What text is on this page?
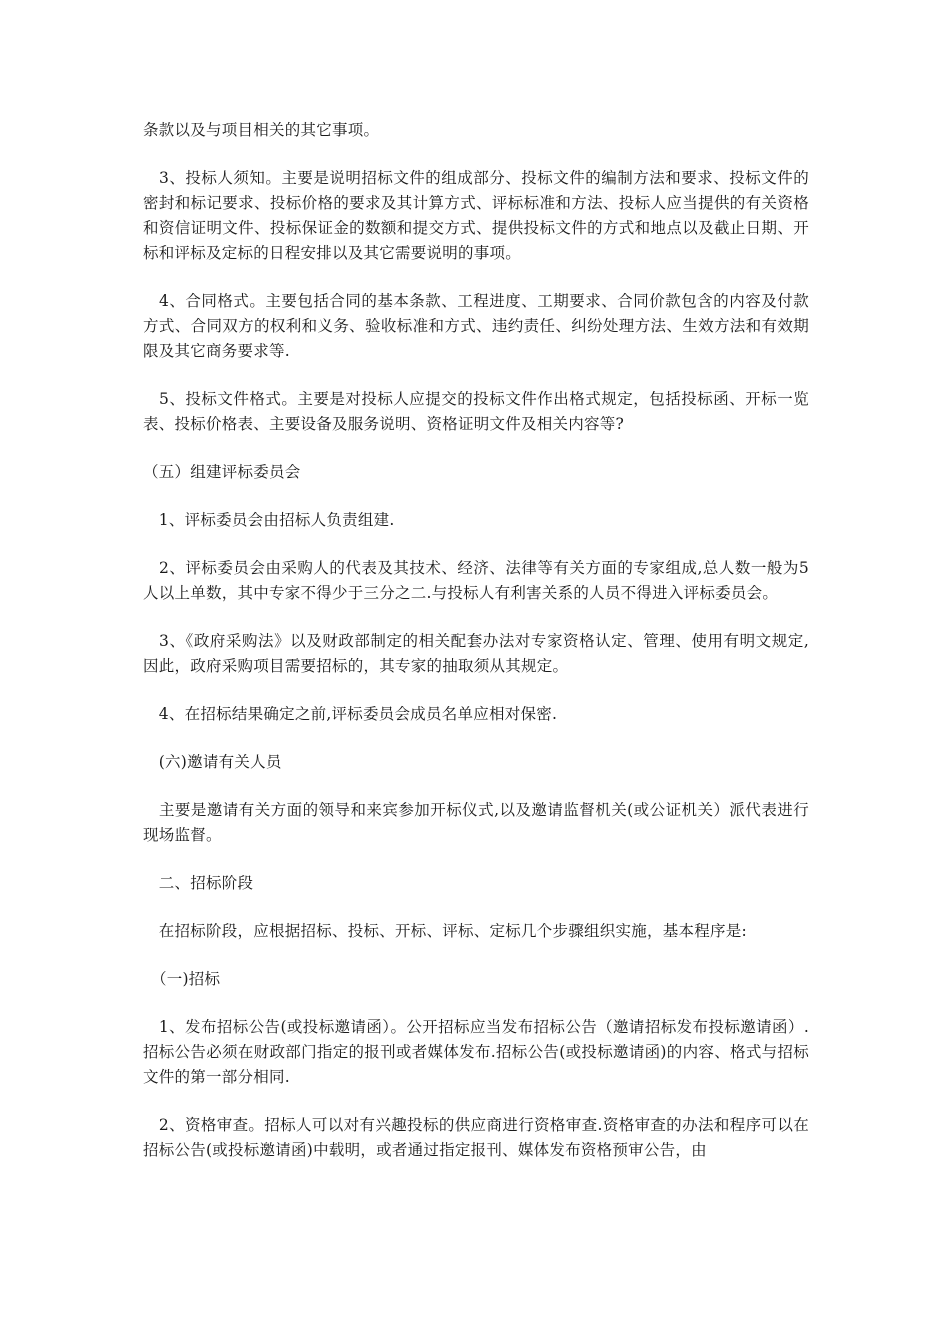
条款以及与项目相关的其它事项。

　3、投标人须知。主要是说明招标文件的组成部分、投标文件的编制方法和要求、投标文件的密封和标记要求、投标价格的要求及其计算方式、评标标准和方法、投标人应当提供的有关资格和资信证明文件、投标保证金的数额和提交方式、提供投标文件的方式和地点以及截止日期、开标和评标及定标的日程安排以及其它需要说明的事项。

　4、合同格式。主要包括合同的基本条款、工程进度、工期要求、合同价款包含的内容及付款方式、合同双方的权利和义务、验收标准和方式、违约责任、纠纷处理方法、生效方法和有效期限及其它商务要求等.

　5、投标文件格式。主要是对投标人应提交的投标文件作出格式规定，包括投标函、开标一览表、投标价格表、主要设备及服务说明、资格证明文件及相关内容等?

（五）组建评标委员会

　1、评标委员会由招标人负责组建.

　2、评标委员会由采购人的代表及其技术、经济、法律等有关方面的专家组成,总人数一般为5人以上单数，其中专家不得少于三分之二.与投标人有利害关系的人员不得进入评标委员会。

　3、《政府采购法》以及财政部制定的相关配套办法对专家资格认定、管理、使用有明文规定,因此，政府采购项目需要招标的，其专家的抽取须从其规定。

　4、在招标结果确定之前,评标委员会成员名单应相对保密.

　(六)邀请有关人员

　主要是邀请有关方面的领导和来宾参加开标仪式,以及邀请监督机关(或公证机关）派代表进行现场监督。

　二、招标阶段

　在招标阶段，应根据招标、投标、开标、评标、定标几个步骤组织实施，基本程序是:

　（一)招标

　1、发布招标公告(或投标邀请函）。公开招标应当发布招标公告（邀请招标发布投标邀请函）.招标公告必须在财政部门指定的报刊或者媒体发布.招标公告(或投标邀请函)的内容、格式与招标文件的第一部分相同.

　2、资格审查。招标人可以对有兴趣投标的供应商进行资格审查.资格审查的办法和程序可以在招标公告(或投标邀请函)中载明，或者通过指定报刊、媒体发布资格预审公告，由
